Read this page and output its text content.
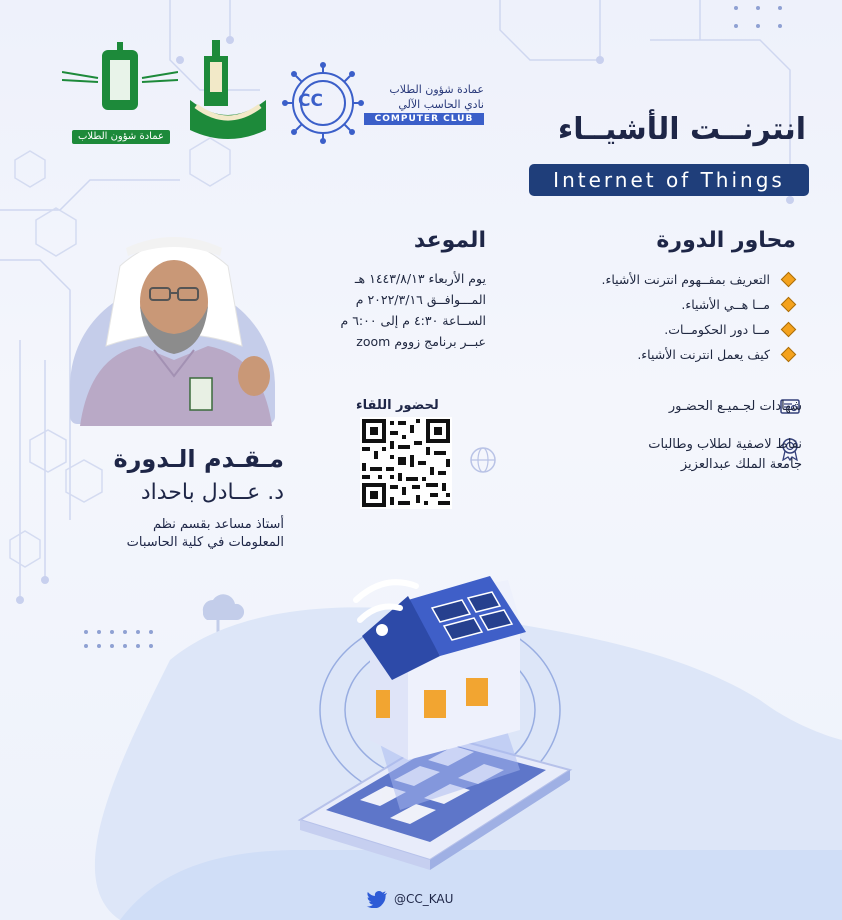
عمادة شؤون الطلاب
CC
عمادة شؤون الطلاب
نادي الحاسب الآلي
COMPUTER CLUB	انترنــت الأشيــاء
Internet of Things
محاور الدورة
التعريف بمفــهوم انترنت الأشياء.
مــا هــي الأشياء.
مــا دور الحكومــات.
كيف يعمل انترنت الأشياء.
الموعد
يوم الأربعاء ١٤٤٣/٨/١٣ هـ
المـــوافــق ٢٠٢٢/٣/١٦ م
الســاعة ٤:٣٠ م إلى ٦:٠٠ م
عبــر برنامج زووم zoom
شهادات لجـميـع الحضـور
نقاط لاصفية لطلاب وطالبات
جامعة الملك عبدالعزيز
لحضور اللقاء
مـقـدم الـدورة
د. عــادل باحداد
أستاذ مساعد بقسم نظم
المعلومات في كلية الحاسبات
@CC_KAU
